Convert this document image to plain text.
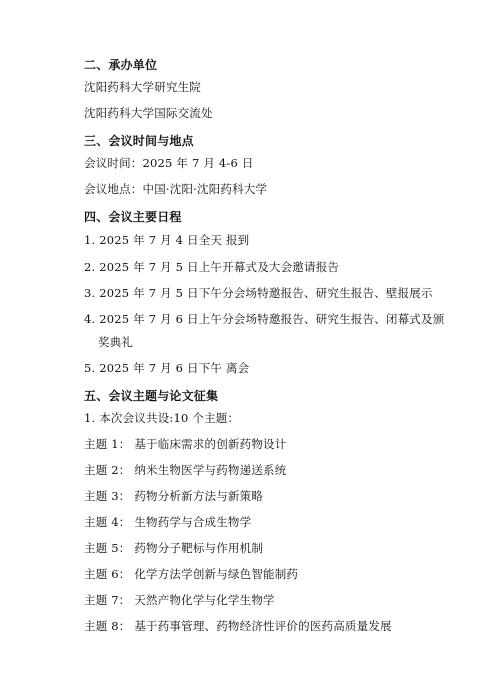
二、承办单位
沈阳药科大学研究生院
沈阳药科大学国际交流处
三、会议时间与地点
会议时间：2025 年 7 月 4-6 日
会议地点：中国·沈阳·沈阳药科大学
四、会议主要日程
1. 2025 年 7 月 4 日全天 报到
2. 2025 年 7 月 5 日上午开幕式及大会邀请报告
3. 2025 年 7 月 5 日下午分会场特邀报告、研究生报告、壁报展示
4. 2025 年 7 月 6 日上午分会场特邀报告、研究生报告、闭幕式及颁
奖典礼
5. 2025 年 7 月 6 日下午 离会
五、会议主题与论文征集
1. 本次会议共设:10 个主题：
主题 1： 基于临床需求的创新药物设计
主题 2： 纳米生物医学与药物递送系统
主题 3： 药物分析新方法与新策略
主题 4： 生物药学与合成生物学
主题 5： 药物分子靶标与作用机制
主题 6： 化学方法学创新与绿色智能制药
主题 7： 天然产物化学与化学生物学
主题 8： 基于药事管理、药物经济性评价的医药高质量发展
